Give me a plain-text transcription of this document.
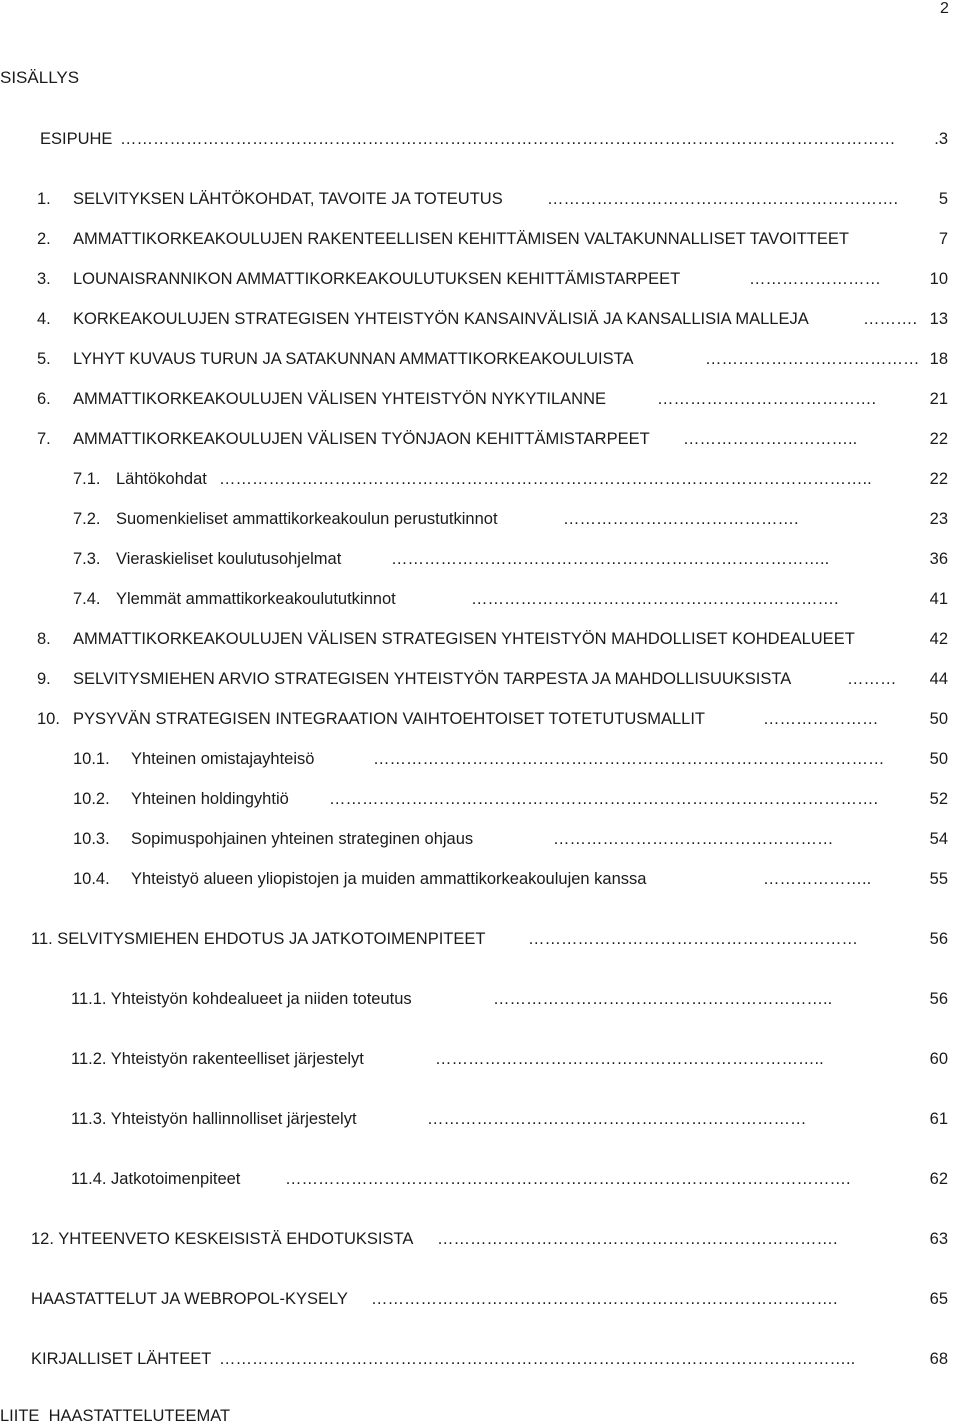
2
SISÄLLYS
ESIPUHE ……………………………………………………………………………………………………………………………	.3
1. SELVITYKSEN LÄHTÖKOHDAT, TAVOITE JA TOTEUTUS	……………………………………………………….	5
2. AMMATTIKORKEAKOULUJEN RAKENTEELLISEN KEHITTÄMISEN VALTAKUNNALLISET TAVOITTEET	7
3. LOUNAISRANNIKON AMMATTIKORKEAKOULUTUKSEN KEHITTÄMISTARPEET	……………………	10
4. KORKEAKOULUJEN STRATEGISEN YHTEISTYÖN KANSAINVÄLISIÄ JA KANSALLISIA MALLEJA	………. 13
5. LYHYT KUVAUS TURUN JA SATAKUNNAN AMMATTIKORKEAKOULUISTA	………………………………… 18
6. AMMATTIKORKEAKOULUJEN VÄLISEN YHTEISTYÖN NYKYTILANNE	………………………………….	21
7. AMMATTIKORKEAKOULUJEN VÄLISEN TYÖNJAON KEHITTÄMISTARPEET …………………………..	22
7.1. Lähtökohdat ………………………………………………………………………………………………………..	22
7.2. Suomenkieliset ammattikorkeakoulun perustutkinnot	…………………………………….	23
7.3. Vieraskieliset koulutusohjelmat	……………………………………………………………………..	36
7.4. Ylemmät ammattikorkeakoulututkinnot	………………………………………………………….	41
8. AMMATTIKORKEAKOULUJEN VÄLISEN STRATEGISEN YHTEISTYÖN MAHDOLLISET KOHDEALUEET	42
9. SELVITYSMIEHEN ARVIO STRATEGISEN YHTEISTYÖN TARPESTA JA MAHDOLLISUUKSISTA	………	44
10. PYSYVÄN STRATEGISEN INTEGRAATION VAIHTOEHTOISET TOTETUTUSMALLIT	…………………	50
10.1. Yhteinen omistajayhteisö	…………………………………………………………………………………	50
10.2. Yhteinen holdingyhtiö ……………………………………………………………………………………….	52
10.3. Sopimuspohjainen yhteinen strateginen ohjaus	……………………………………………	54
10.4. Yhteistyö alueen yliopistojen ja muiden ammattikorkeakoulujen kanssa	………………..	55
11. SELVITYSMIEHEN EHDOTUS JA JATKOTOIMENPITEET	……………………………………………………	56
11.1. Yhteistyön kohdealueet ja niiden toteutus	……………………………………………………..	56
11.2. Yhteistyön rakenteelliset järjestelyt	……………………………………………………………..	60
11.3. Yhteistyön hallinnolliset järjestelyt	……………………………………………………………	61
11.4. Jatkotoimenpiteet	………………………………………………………………………………………….	62
12. YHTEENVETO KESKEISISTÄ EHDOTUKSISTA ……………………………………………………………….	63
HAASTATTELUT JA WEBROPOL-KYSELY ………………………………………………………………………….	65
KIRJALLISET LÄHTEET ……………………………………………………………………………………………………..	68
LIITE  HAASTATTELUTEEMAT
